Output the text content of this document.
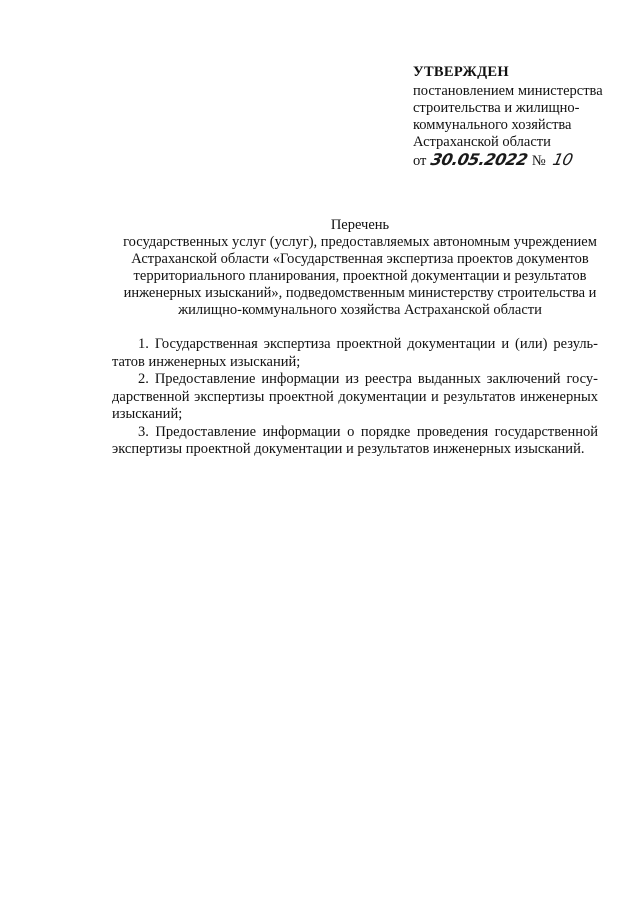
УТВЕРЖДЕН
постановлением министерства
строительства и жилищно-
коммунального хозяйства
Астраханской области
от 30.05.2022 № 10
Перечень
государственных услуг (услуг), предоставляемых автономным учреждением
Астраханской области «Государственная экспертиза проектов документов
территориального планирования, проектной документации и результатов
инженерных изысканий», подведомственным министерству строительства и
жилищно-коммунального хозяйства Астраханской области

1. Государственная экспертиза проектной документации и (или) резуль-татов инженерных изысканий;

2. Предоставление информации из реестра выданных заключений госу-дарственной экспертизы проектной документации и результатов инженерных изысканий;

3. Предоставление информации о порядке проведения государственной экспертизы проектной документации и результатов инженерных изысканий.
